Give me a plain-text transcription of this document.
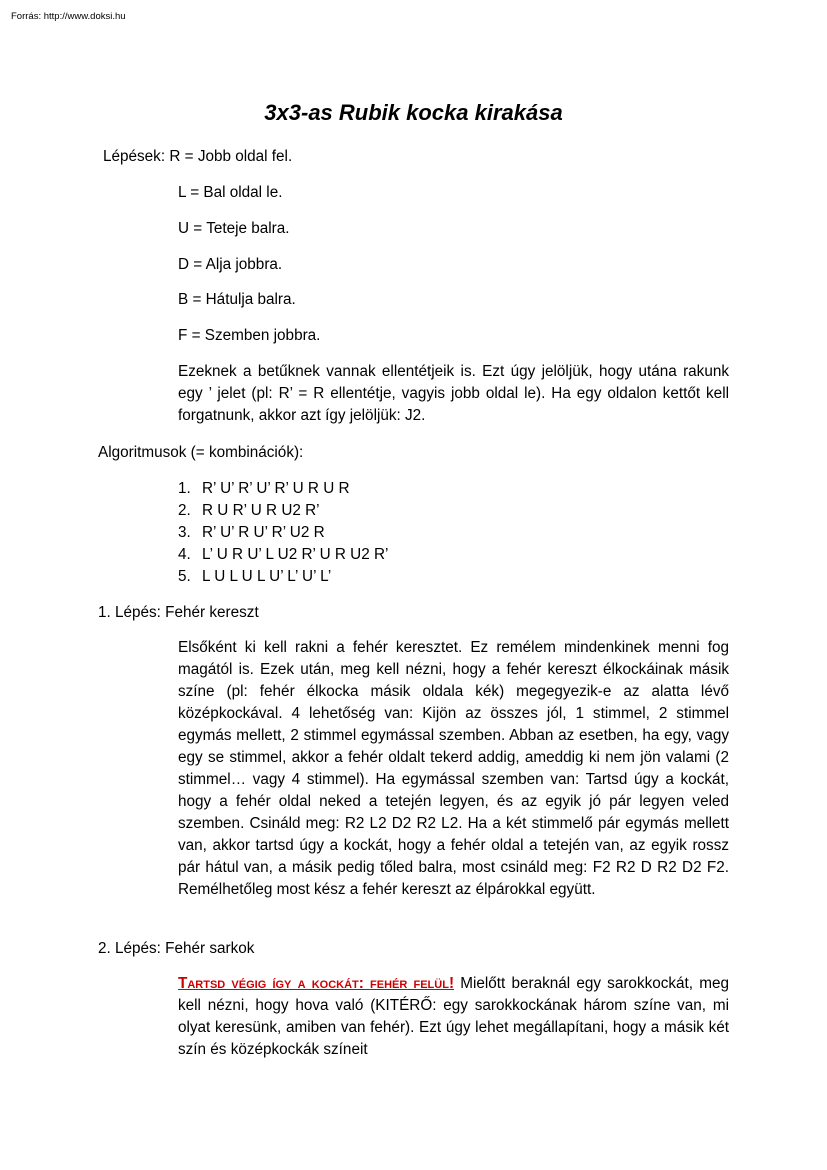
Forrás: http://www.doksi.hu
3x3-as Rubik kocka kirakása
Lépések: R = Jobb oldal fel.
L = Bal oldal le.
U = Teteje balra.
D = Alja jobbra.
B = Hátulja balra.
F = Szemben jobbra.
Ezeknek a betűknek vannak ellentétjeik is. Ezt úgy jelöljük, hogy utána rakunk egy ’ jelet (pl: R’ = R ellentétje, vagyis jobb oldal le). Ha egy oldalon kettőt kell forgatnunk, akkor azt így jelöljük: J2.
Algoritmusok (= kombinációk):
1. R’ U’ R’ U’ R’ U R U R
2. R U R’ U R U2 R’
3. R’ U’ R U’ R’ U2 R
4. L’ U R U’ L U2 R’ U R U2 R’
5. L U L U L U’ L’ U’ L’
1. Lépés: Fehér kereszt
Elsőként ki kell rakni a fehér keresztet. Ez remélem mindenkinek menni fog magától is. Ezek után, meg kell nézni, hogy a fehér kereszt élkockáinak másik színe (pl: fehér élkocka másik oldala kék) megegyezik-e az alatta lévő középkockával. 4 lehetőség van: Kijön az összes jól, 1 stimmel, 2 stimmel egymás mellett, 2 stimmel egymással szemben. Abban az esetben, ha egy, vagy egy se stimmel, akkor a fehér oldalt tekerd addig, ameddig ki nem jön valami (2 stimmel… vagy 4 stimmel). Ha egymással szemben van: Tartsd úgy a kockát, hogy a fehér oldal neked a tetején legyen, és az egyik jó pár legyen veled szemben. Csináld meg: R2 L2 D2 R2 L2. Ha a két stimmelő pár egymás mellett van, akkor tartsd úgy a kockát, hogy a fehér oldal a tetején van, az egyik rossz pár hátul van, a másik pedig tőled balra, most csináld meg: F2 R2 D R2 D2 F2. Remélhetőleg most kész a fehér kereszt az élpárokkal együtt.
2. Lépés: Fehér sarkok
Tartsd végig így a kockát: fehér felül! Mielőtt beraknál egy sarokkockát, meg kell nézni, hogy hova való (KITÉRŐ: egy sarokkockának három színe van, mi olyat keresünk, amiben van fehér). Ezt úgy lehet megállapítani, hogy a másik két szín és középkockák színeit
